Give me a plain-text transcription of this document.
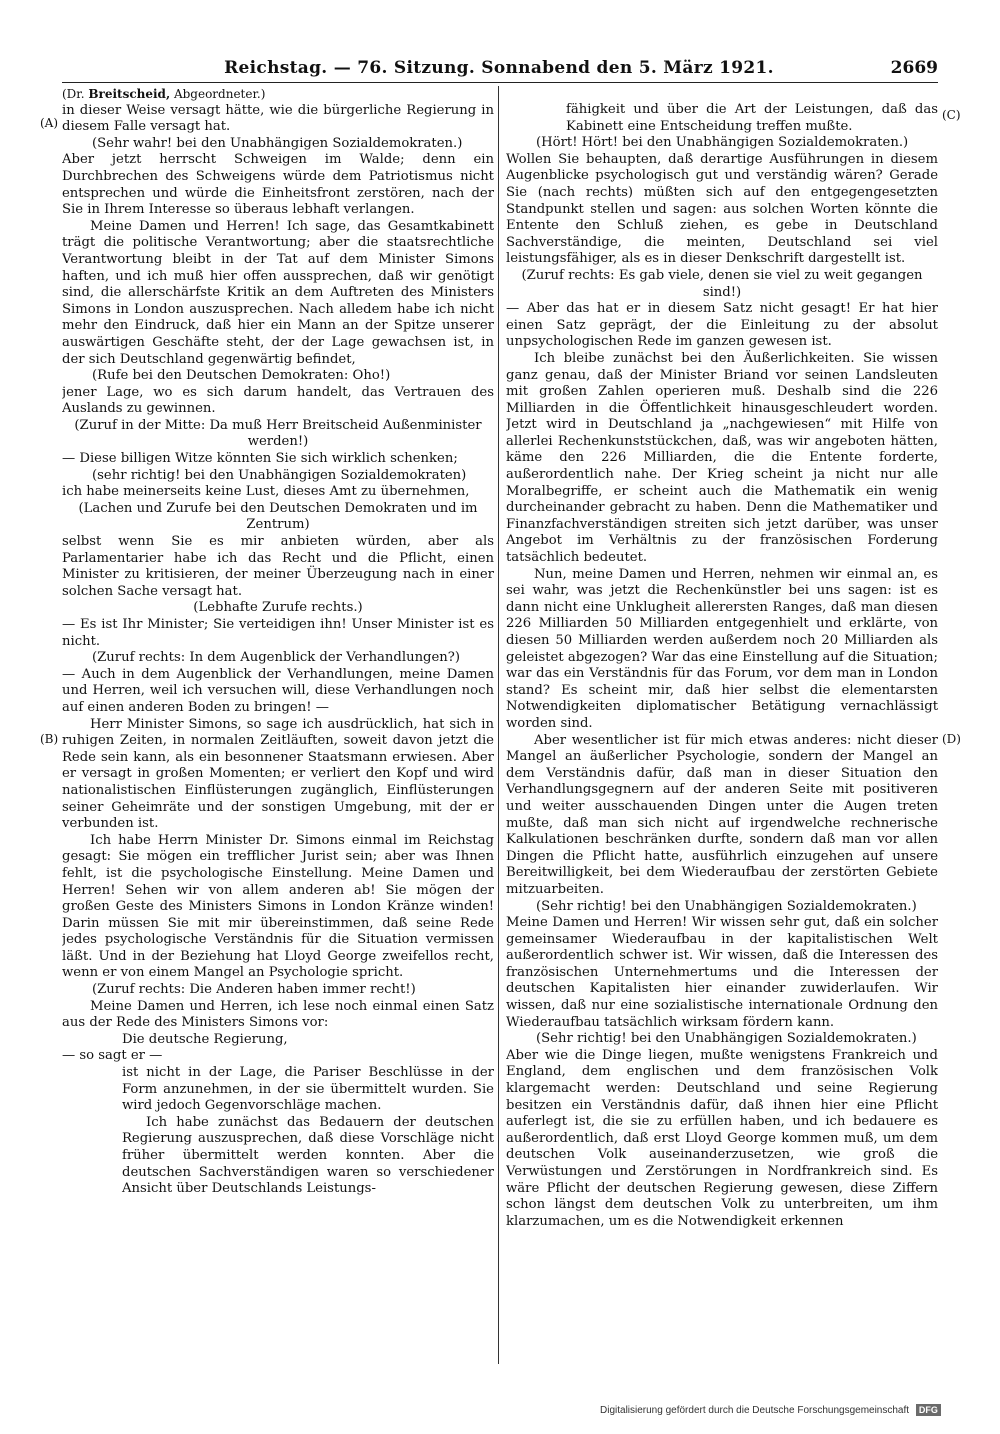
Reichstag. — 76. Sitzung. Sonnabend den 5. März 1921.	2669
(A)
(B)
(C)
(D)

(Dr. Breitscheid, Abgeordneter.)

in dieser Weise versagt hätte, wie die bürgerliche Regierung in diesem Falle versagt hat.

(Sehr wahr! bei den Unabhängigen Sozialdemokraten.)

Aber jetzt herrscht Schweigen im Walde; denn ein Durchbrechen des Schweigens würde dem Patriotismus nicht entsprechen und würde die Einheitsfront zerstören, nach der Sie in Ihrem Interesse so überaus lebhaft verlangen.

Meine Damen und Herren! Ich sage, das Gesamtkabinett trägt die politische Verantwortung; aber die staatsrechtliche Verantwortung bleibt in der Tat auf dem Minister Simons haften, und ich muß hier offen aussprechen, daß wir genötigt sind, die allerschärfste Kritik an dem Auftreten des Ministers Simons in London auszusprechen. Nach alledem habe ich nicht mehr den Eindruck, daß hier ein Mann an der Spitze unserer auswärtigen Geschäfte steht, der der Lage gewachsen ist, in der sich Deutschland gegenwärtig befindet,

(Rufe bei den Deutschen Demokraten: Oho!)

jener Lage, wo es sich darum handelt, das Vertrauen des Auslands zu gewinnen.

(Zuruf in der Mitte: Da muß Herr Breitscheid Außenminister werden!)

— Diese billigen Witze könnten Sie sich wirklich schenken;

(sehr richtig! bei den Unabhängigen Sozialdemokraten)

ich habe meinerseits keine Lust, dieses Amt zu übernehmen,

(Lachen und Zurufe bei den Deutschen Demokraten und im Zentrum)

selbst wenn Sie es mir anbieten würden, aber als Parlamentarier habe ich das Recht und die Pflicht, einen Minister zu kritisieren, der meiner Überzeugung nach in einer solchen Sache versagt hat.

(Lebhafte Zurufe rechts.)

— Es ist Ihr Minister; Sie verteidigen ihn! Unser Minister ist es nicht.

(Zuruf rechts: In dem Augenblick der Verhandlungen?)

— Auch in dem Augenblick der Verhandlungen, meine Damen und Herren, weil ich versuchen will, diese Verhandlungen noch auf einen anderen Boden zu bringen! —

Herr Minister Simons, so sage ich ausdrücklich, hat sich in ruhigen Zeiten, in normalen Zeitläuften, soweit davon jetzt die Rede sein kann, als ein besonnener Staatsmann erwiesen. Aber er versagt in großen Momenten; er verliert den Kopf und wird nationalistischen Einflüsterungen zugänglich, Einflüsterungen seiner Geheimräte und der sonstigen Umgebung, mit der er verbunden ist.

Ich habe Herrn Minister Dr. Simons einmal im Reichstag gesagt: Sie mögen ein trefflicher Jurist sein; aber was Ihnen fehlt, ist die psychologische Einstellung. Meine Damen und Herren! Sehen wir von allem anderen ab! Sie mögen der großen Geste des Ministers Simons in London Kränze winden! Darin müssen Sie mit mir übereinstimmen, daß seine Rede jedes psychologische Verständnis für die Situation vermissen läßt. Und in der Beziehung hat Lloyd George zweifellos recht, wenn er von einem Mangel an Psychologie spricht.

(Zuruf rechts: Die Anderen haben immer recht!)

Meine Damen und Herren, ich lese noch einmal einen Satz aus der Rede des Ministers Simons vor:

Die deutsche Regierung,

— so sagt er —

ist nicht in der Lage, die Pariser Beschlüsse in der Form anzunehmen, in der sie übermittelt wurden. Sie wird jedoch Gegenvorschläge machen.

Ich habe zunächst das Bedauern der deutschen Regierung auszusprechen, daß diese Vorschläge nicht früher übermittelt werden konnten. Aber die deutschen Sachverständigen waren so verschiedener Ansicht über Deutschlands Leistungs-

fähigkeit und über die Art der Leistungen, daß das Kabinett eine Entscheidung treffen mußte.

(Hört! Hört! bei den Unabhängigen Sozialdemokraten.)

Wollen Sie behaupten, daß derartige Ausführungen in diesem Augenblicke psychologisch gut und verständig wären? Gerade Sie (nach rechts) müßten sich auf den entgegengesetzten Standpunkt stellen und sagen: aus solchen Worten könnte die Entente den Schluß ziehen, es gebe in Deutschland Sachverständige, die meinten, Deutschland sei viel leistungsfähiger, als es in dieser Denkschrift dargestellt ist.

(Zuruf rechts: Es gab viele, denen sie viel zu weit gegangen sind!)

— Aber das hat er in diesem Satz nicht gesagt! Er hat hier einen Satz geprägt, der die Einleitung zu der absolut unpsychologischen Rede im ganzen gewesen ist.

Ich bleibe zunächst bei den Äußerlichkeiten. Sie wissen ganz genau, daß der Minister Briand vor seinen Landsleuten mit großen Zahlen operieren muß. Deshalb sind die 226 Milliarden in die Öffentlichkeit hinausgeschleudert worden. Jetzt wird in Deutschland ja „nachgewiesen“ mit Hilfe von allerlei Rechenkunststückchen, daß, was wir angeboten hätten, käme den 226 Milliarden, die die Entente forderte, außerordentlich nahe. Der Krieg scheint ja nicht nur alle Moralbegriffe, er scheint auch die Mathematik ein wenig durcheinander gebracht zu haben. Denn die Mathematiker und Finanzfachverständigen streiten sich jetzt darüber, was unser Angebot im Verhältnis zu der französischen Forderung tatsächlich bedeutet.

Nun, meine Damen und Herren, nehmen wir einmal an, es sei wahr, was jetzt die Rechenkünstler bei uns sagen: ist es dann nicht eine Unklugheit allerersten Ranges, daß man diesen 226 Milliarden 50 Milliarden entgegenhielt und erklärte, von diesen 50 Milliarden werden außerdem noch 20 Milliarden als geleistet abgezogen? War das eine Einstellung auf die Situation; war das ein Verständnis für das Forum, vor dem man in London stand? Es scheint mir, daß hier selbst die elementarsten Notwendigkeiten diplomatischer Betätigung vernachlässigt worden sind.

Aber wesentlicher ist für mich etwas anderes: nicht dieser Mangel an äußerlicher Psychologie, sondern der Mangel an dem Verständnis dafür, daß man in dieser Situation den Verhandlungsgegnern auf der anderen Seite mit positiveren und weiter ausschauenden Dingen unter die Augen treten mußte, daß man sich nicht auf irgendwelche rechnerische Kalkulationen beschränken durfte, sondern daß man vor allen Dingen die Pflicht hatte, ausführlich einzugehen auf unsere Bereitwilligkeit, bei dem Wiederaufbau der zerstörten Gebiete mitzuarbeiten.

(Sehr richtig! bei den Unabhängigen Sozialdemokraten.)

Meine Damen und Herren! Wir wissen sehr gut, daß ein solcher gemeinsamer Wiederaufbau in der kapitalistischen Welt außerordentlich schwer ist. Wir wissen, daß die Interessen des französischen Unternehmertums und die Interessen der deutschen Kapitalisten hier einander zuwiderlaufen. Wir wissen, daß nur eine sozialistische internationale Ordnung den Wiederaufbau tatsächlich wirksam fördern kann.

(Sehr richtig! bei den Unabhängigen Sozialdemokraten.)

Aber wie die Dinge liegen, mußte wenigstens Frankreich und England, dem englischen und dem französischen Volk klargemacht werden: Deutschland und seine Regierung besitzen ein Verständnis dafür, daß ihnen hier eine Pflicht auferlegt ist, die sie zu erfüllen haben, und ich bedauere es außerordentlich, daß erst Lloyd George kommen muß, um dem deutschen Volk auseinanderzusetzen, wie groß die Verwüstungen und Zerstörungen in Nordfrankreich sind. Es wäre Pflicht der deutschen Regierung gewesen, diese Ziffern schon längst dem deutschen Volk zu unterbreiten, um ihm klarzumachen, um es die Notwendigkeit erkennen

Digitalisierung gefördert durch die Deutsche Forschungsgemeinschaft DFG
